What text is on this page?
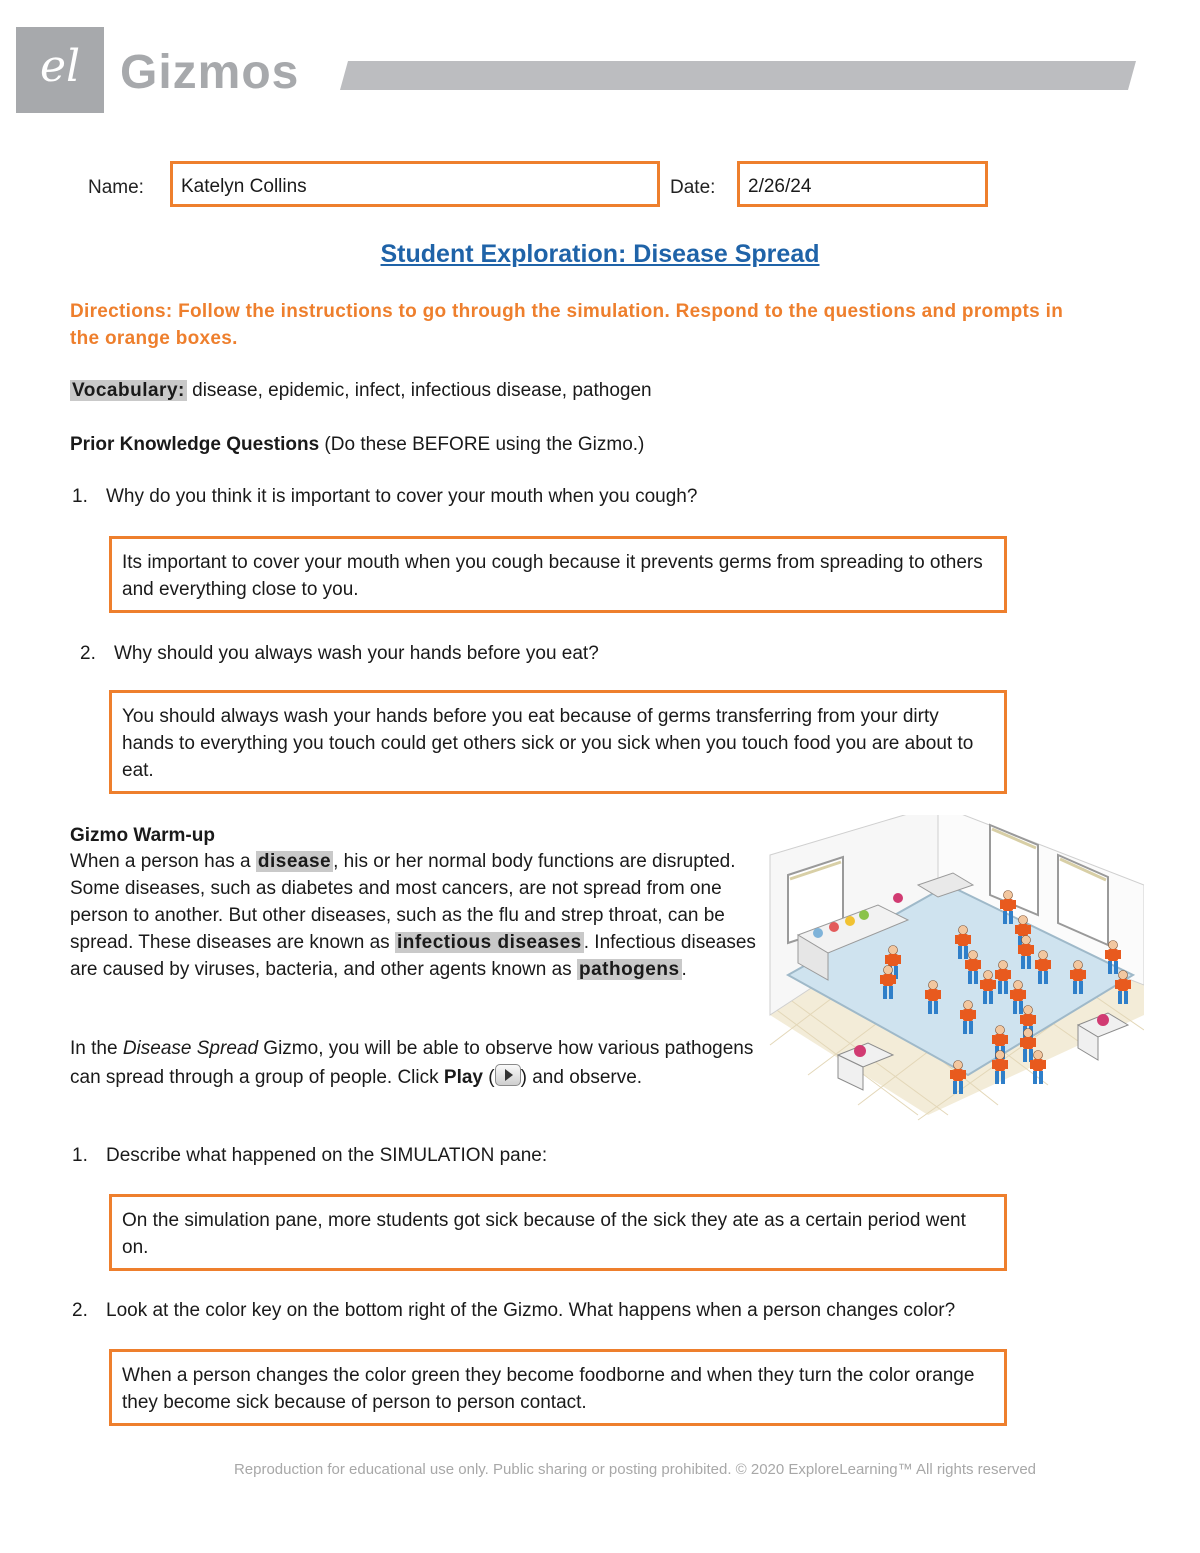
el Gizmos
Name:	Katelyn Collins	Date:	2/26/24
Student Exploration: Disease Spread
Directions: Follow the instructions to go through the simulation. Respond to the questions and prompts in the orange boxes.
Vocabulary: disease, epidemic, infect, infectious disease, pathogen
Prior Knowledge Questions (Do these BEFORE using the Gizmo.)
1. Why do you think it is important to cover your mouth when you cough?
Its important to cover your mouth when you cough because it prevents germs from spreading to others and everything close to you.
2. Why should you always wash your hands before you eat?
You should always wash your hands before you eat because of germs transferring from your dirty hands to everything you touch could get others sick or you sick when you touch food you are about to eat.
Gizmo Warm-up
When a person has a disease , his or her normal body functions are disrupted. Some diseases, such as diabetes and most cancers, are not spread from one person to another. But other diseases, such as the flu and strep throat, can be spread. These diseases are known as infectious diseases . Infectious diseases are caused by viruses, bacteria, and other agents known as pathogens .
In the Disease Spread Gizmo, you will be able to observe how various pathogens can spread through a group of people. Click Play ( ) and observe.
1. Describe what happened on the SIMULATION pane:
On the simulation pane, more students got sick because of the sick they ate as a certain period went on.
2. Look at the color key on the bottom right of the Gizmo. What happens when a person changes color?
When a person changes the color green they become foodborne and when they turn the color orange they become sick because of person to person contact.
Reproduction for educational use only. Public sharing or posting prohibited. © 2020 ExploreLearning™ All rights reserved
